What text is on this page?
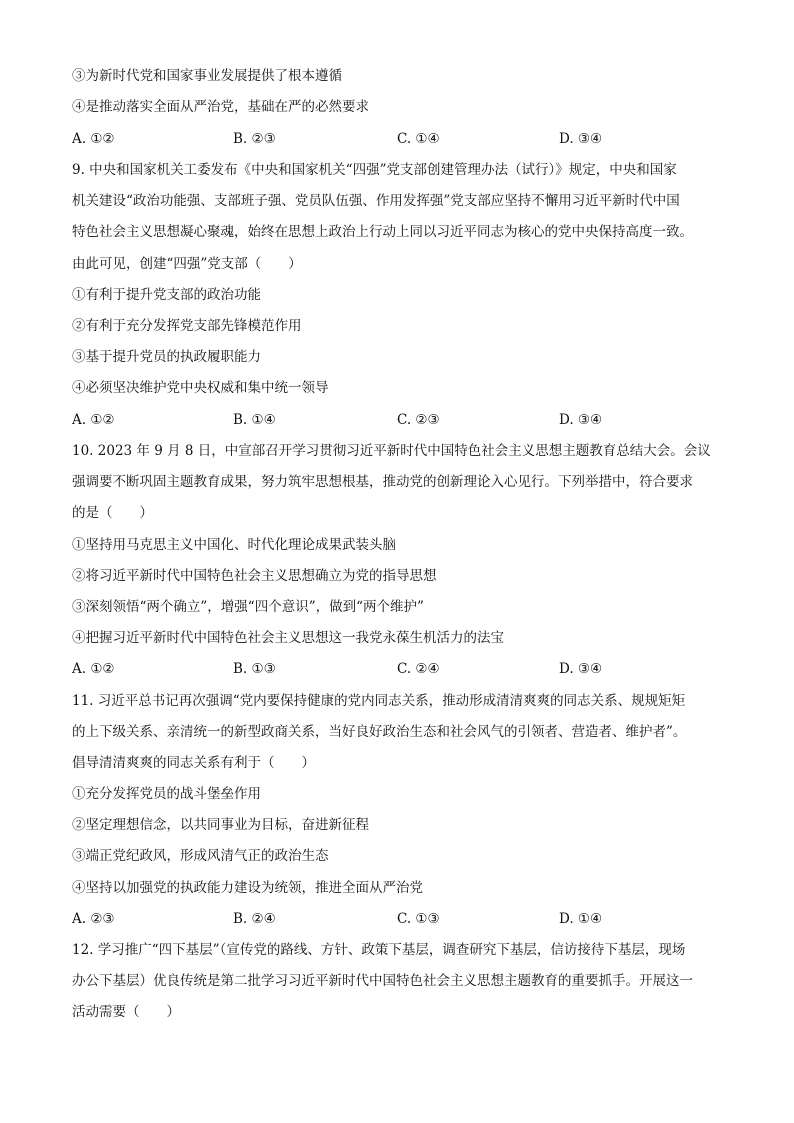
③为新时代党和国家事业发展提供了根本遵循
④是推动落实全面从严治党，基础在严的必然要求
A. ①②	B. ②③	C. ①④	D. ③④
9. 中央和国家机关工委发布《中央和国家机关“四强”党支部创建管理办法（试行）》规定，中央和国家
机关建设“政治功能强、支部班子强、党员队伍强、作用发挥强”党支部应坚持不懈用习近平新时代中国
特色社会主义思想凝心聚魂，始终在思想上政治上行动上同以习近平同志为核心的党中央保持高度一致。
由此可见，创建“四强”党支部（　　）
①有利于提升党支部的政治功能
②有利于充分发挥党支部先锋模范作用
③基于提升党员的执政履职能力
④必须坚决维护党中央权威和集中统一领导
A. ①②	B. ①④	C. ②③	D. ③④
10. 2023 年 9 月 8 日，中宣部召开学习贯彻习近平新时代中国特色社会主义思想主题教育总结大会。会议
强调要不断巩固主题教育成果，努力筑牢思想根基，推动党的创新理论入心见行。下列举措中，符合要求
的是（　　）
①坚持用马克思主义中国化、时代化理论成果武装头脑
②将习近平新时代中国特色社会主义思想确立为党的指导思想
③深刻领悟“两个确立”，增强“四个意识”，做到“两个维护”
④把握习近平新时代中国特色社会主义思想这一我党永葆生机活力的法宝
A. ①②	B. ①③	C. ②④	D. ③④
11. 习近平总书记再次强调“党内要保持健康的党内同志关系，推动形成清清爽爽的同志关系、规规矩矩
的上下级关系、亲清统一的新型政商关系，当好良好政治生态和社会风气的引领者、营造者、维护者”。
倡导清清爽爽的同志关系有利于（　　）
①充分发挥党员的战斗堡垒作用
②坚定理想信念，以共同事业为目标，奋进新征程
③端正党纪政风，形成风清气正的政治生态
④坚持以加强党的执政能力建设为统领，推进全面从严治党
A. ②③	B. ②④	C. ①③	D. ①④
12. 学习推广“四下基层”（宣传党的路线、方针、政策下基层，调查研究下基层，信访接待下基层，现场
办公下基层）优良传统是第二批学习习近平新时代中国特色社会主义思想主题教育的重要抓手。开展这一
活动需要（　　）
